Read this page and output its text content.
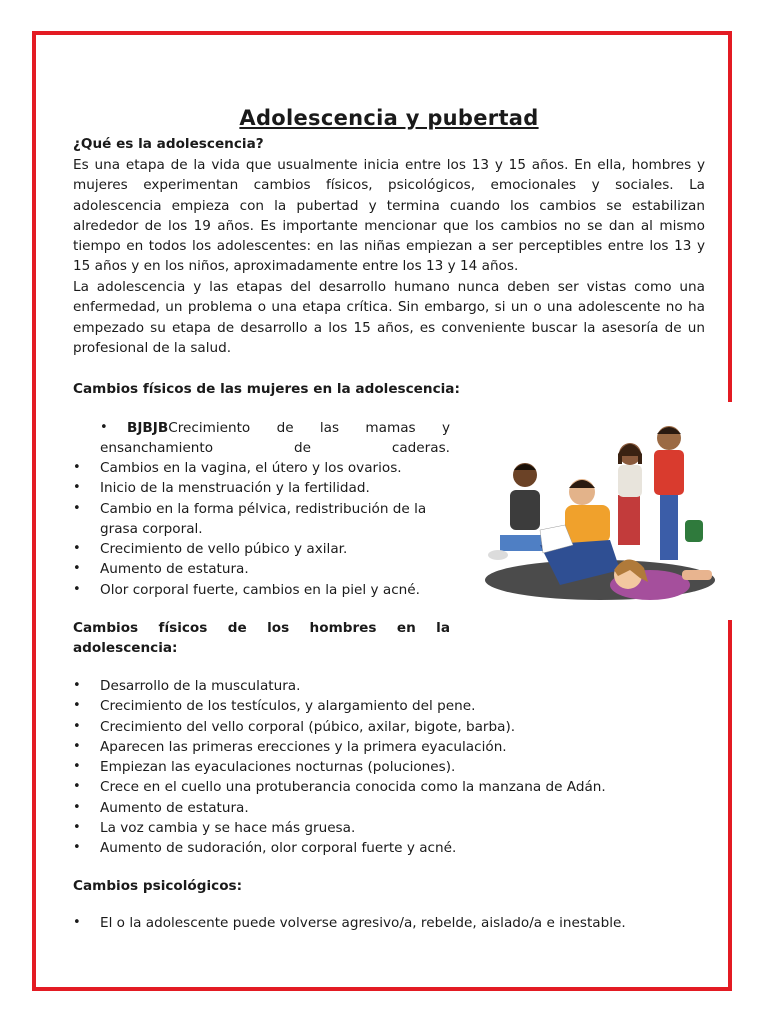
Adolescencia y pubertad
¿Qué es la adolescencia?
Es una etapa de la vida que usualmente inicia entre los 13 y 15 años. En ella, hombres y mujeres experimentan cambios físicos, psicológicos, emocionales y sociales. La adolescencia empieza con la pubertad y termina cuando los cambios se estabilizan alrededor de los 19 años. Es importante mencionar que los cambios no se dan al mismo tiempo en todos los adolescentes: en las niñas empiezan a ser perceptibles entre los 13 y 15 años y en los niños, aproximadamente entre los 13 y 14 años.
La adolescencia y las etapas del desarrollo humano nunca deben ser vistas como una enfermedad, un problema o una etapa crítica. Sin embargo, si un o una adolescente no ha empezado su etapa de desarrollo a los 15 años, es conveniente buscar la asesoría de un profesional de la salud.
Cambios físicos de las mujeres en la adolescencia:
• BJBJBCrecimiento de las mamas y ensanchamiento de caderas.
• Cambios en la vagina, el útero y los ovarios.
• Inicio de la menstruación y la fertilidad.
• Cambio en la forma pélvica, redistribución de la grasa corporal.
• Crecimiento de vello púbico y axilar.
• Aumento de estatura.
• Olor corporal fuerte, cambios en la piel y acné.
Cambios físicos de los hombres en la adolescencia:
• Desarrollo de la musculatura.
• Crecimiento de los testículos, y alargamiento del pene.
• Crecimiento del vello corporal (púbico, axilar, bigote, barba).
• Aparecen las primeras erecciones y la primera eyaculación.
• Empiezan las eyaculaciones nocturnas (poluciones).
• Crece en el cuello una protuberancia conocida como la manzana de Adán.
• Aumento de estatura.
• La voz cambia y se hace más gruesa.
• Aumento de sudoración, olor corporal fuerte y acné.
Cambios psicológicos:
• El o la adolescente puede volverse agresivo/a, rebelde, aislado/a e inestable.
